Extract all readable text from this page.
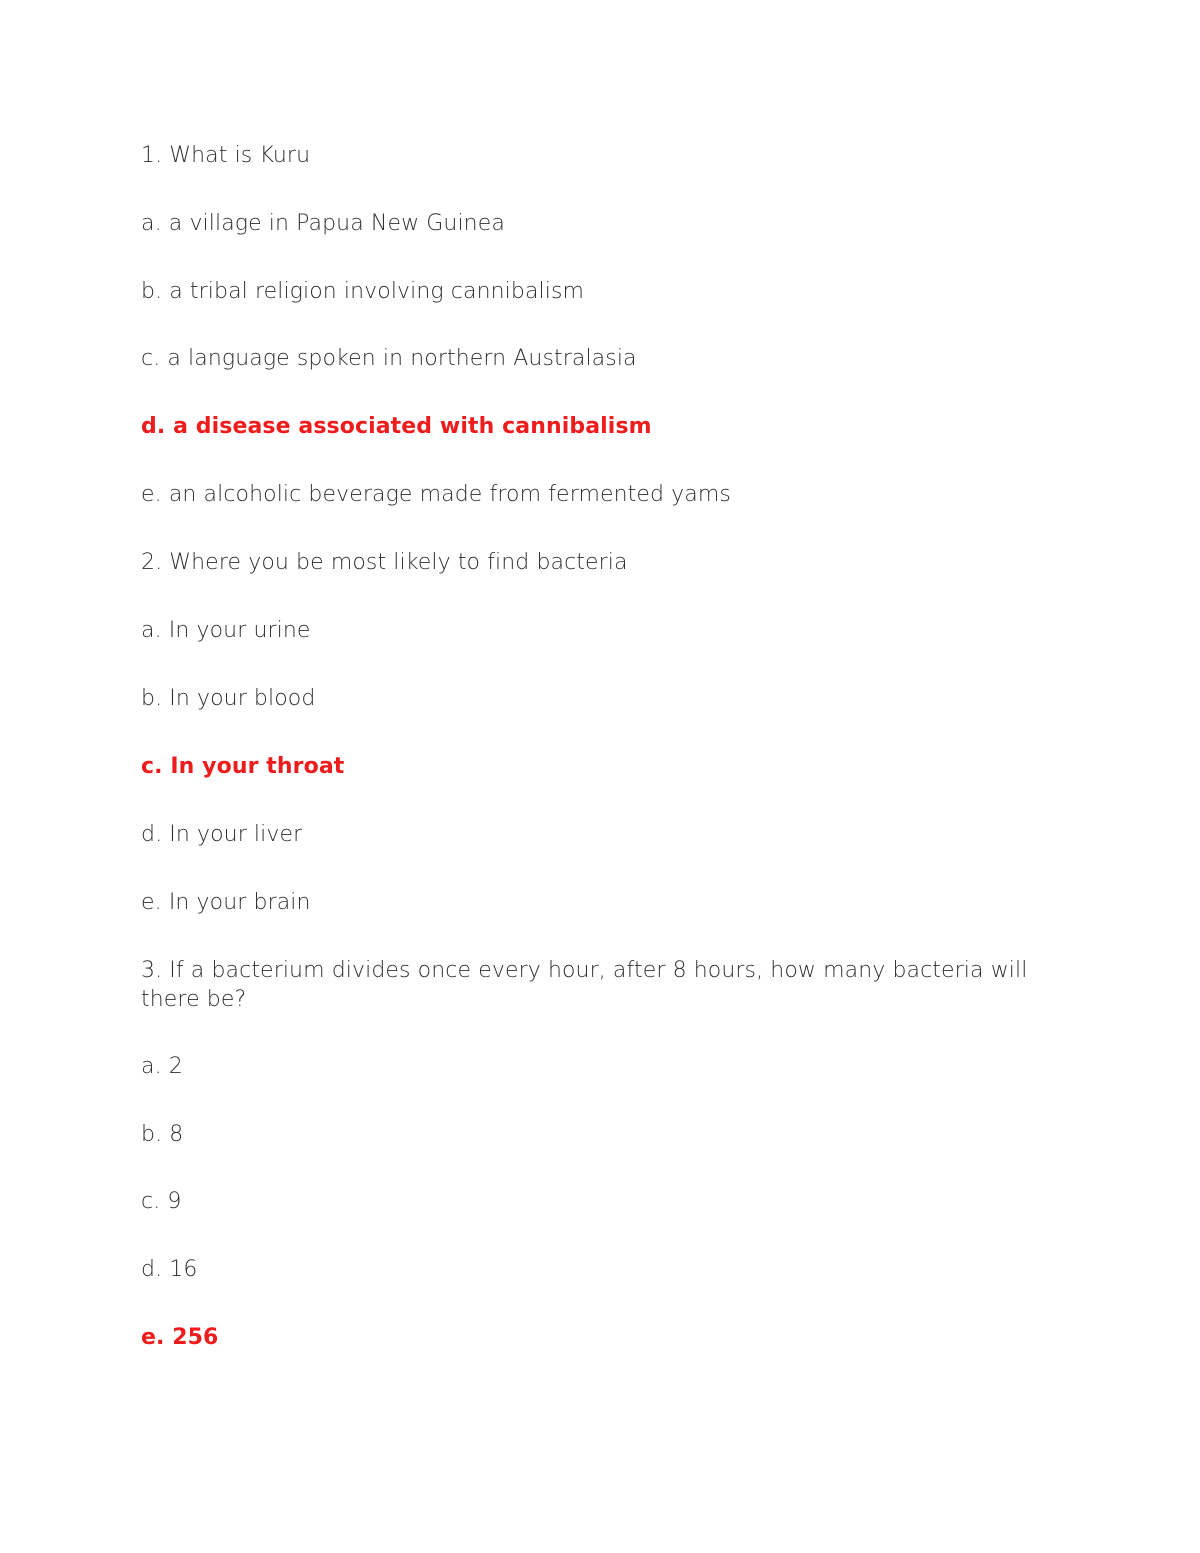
1. What is Kuru
a. a village in Papua New Guinea
b. a tribal religion involving cannibalism
c. a language spoken in northern Australasia
d. a disease associated with cannibalism
e. an alcoholic beverage made from fermented yams
2. Where you be most likely to find bacteria
a. In your urine
b. In your blood
c. In your throat
d. In your liver
e. In your brain
3. If a bacterium divides once every hour, after 8 hours, how many bacteria will there be?
a. 2
b. 8
c. 9
d. 16
e. 256
